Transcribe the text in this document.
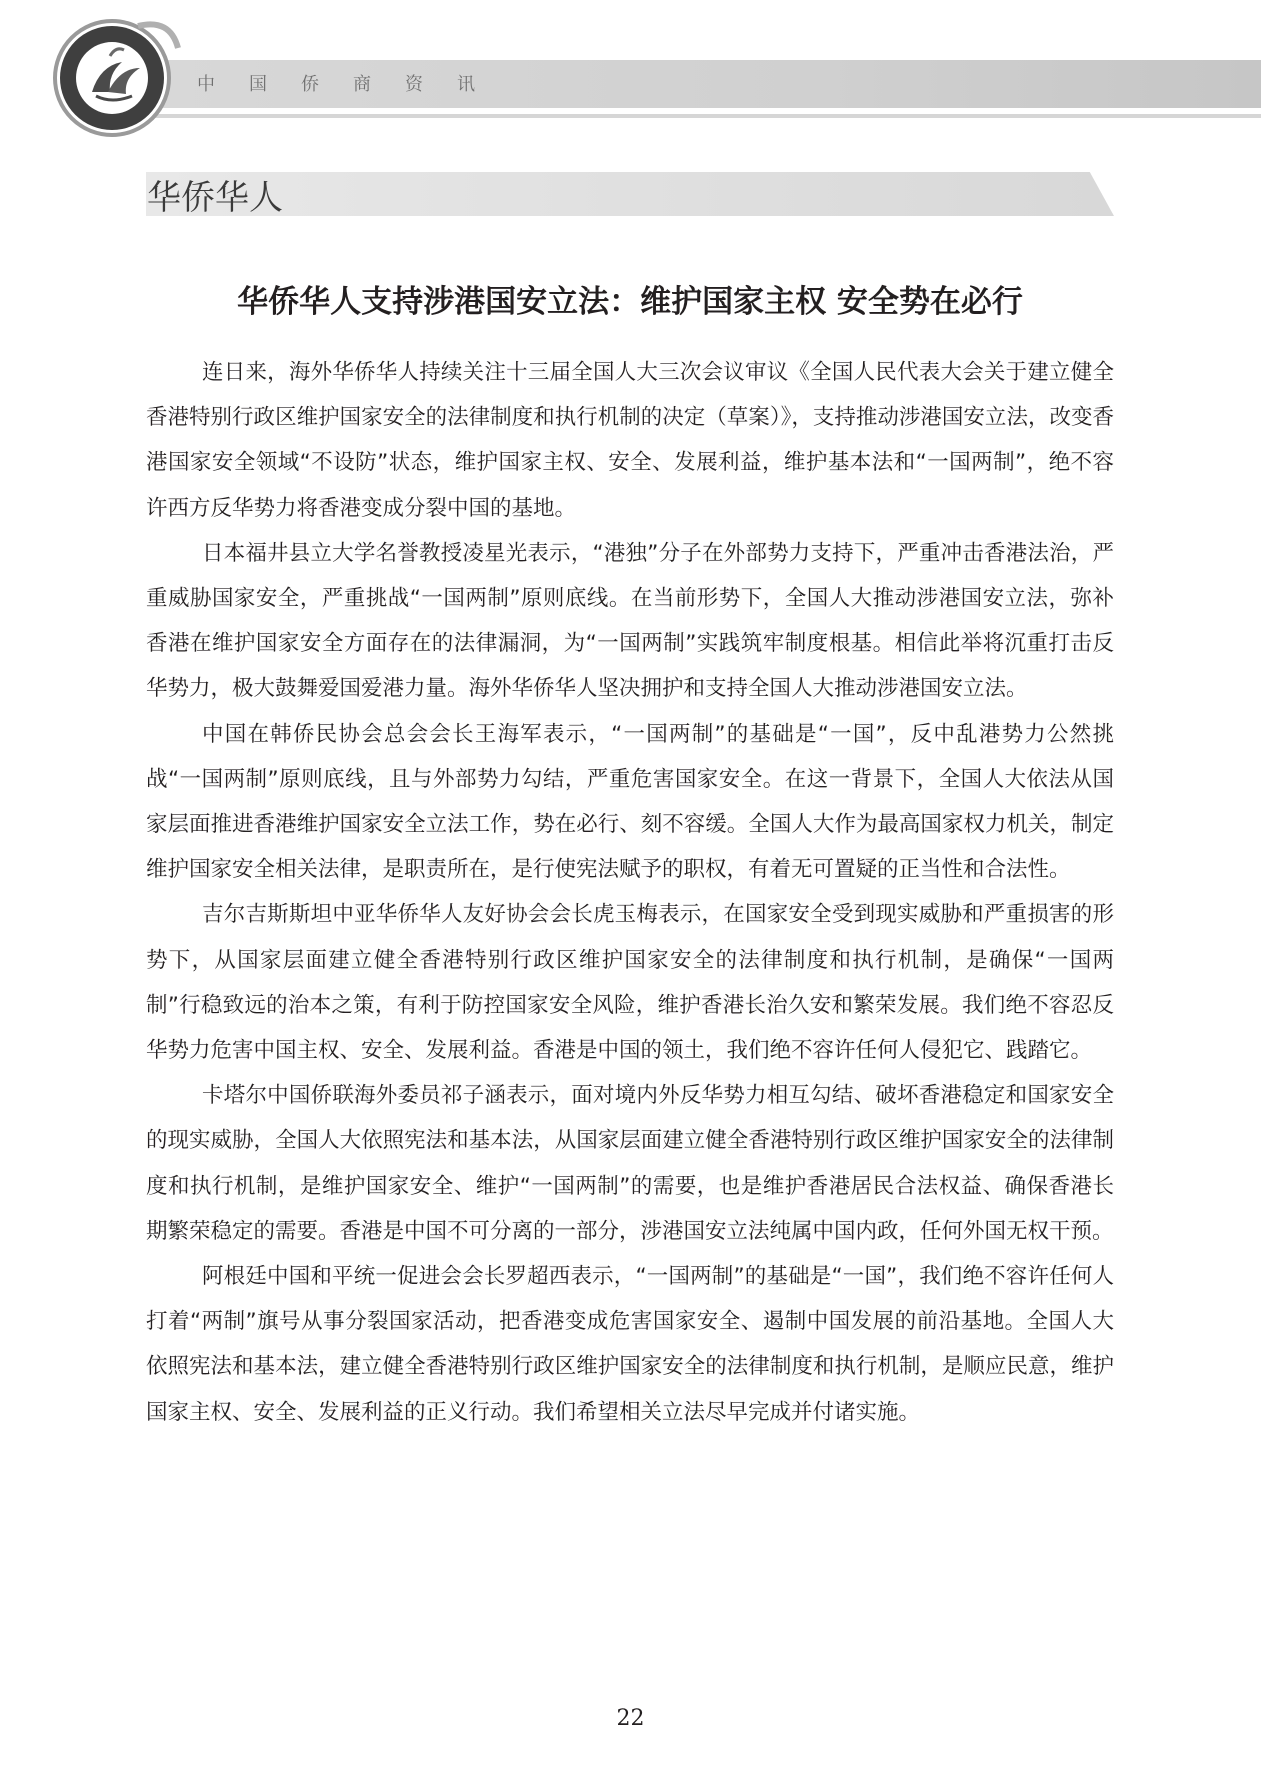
中国侨商资讯
华侨华人
华侨华人支持涉港国安立法：维护国家主权 安全势在必行

连日来，海外华侨华人持续关注十三届全国人大三次会议审议《全国人民代表大会关于建立健全香港特别行政区维护国家安全的法律制度和执行机制的决定（草案）》，支持推动涉港国安立法，改变香港国家安全领域“不设防”状态，维护国家主权、安全、发展利益，维护基本法和“一国两制”，绝不容许西方反华势力将香港变成分裂中国的基地。

日本福井县立大学名誉教授凌星光表示，“港独”分子在外部势力支持下，严重冲击香港法治，严重威胁国家安全，严重挑战“一国两制”原则底线。在当前形势下，全国人大推动涉港国安立法，弥补香港在维护国家安全方面存在的法律漏洞，为“一国两制”实践筑牢制度根基。相信此举将沉重打击反华势力，极大鼓舞爱国爱港力量。海外华侨华人坚决拥护和支持全国人大推动涉港国安立法。

中国在韩侨民协会总会会长王海军表示，“一国两制”的基础是“一国”，反中乱港势力公然挑战“一国两制”原则底线，且与外部势力勾结，严重危害国家安全。在这一背景下，全国人大依法从国家层面推进香港维护国家安全立法工作，势在必行、刻不容缓。全国人大作为最高国家权力机关，制定维护国家安全相关法律，是职责所在，是行使宪法赋予的职权，有着无可置疑的正当性和合法性。

吉尔吉斯斯坦中亚华侨华人友好协会会长虎玉梅表示，在国家安全受到现实威胁和严重损害的形势下，从国家层面建立健全香港特别行政区维护国家安全的法律制度和执行机制，是确保“一国两制”行稳致远的治本之策，有利于防控国家安全风险，维护香港长治久安和繁荣发展。我们绝不容忍反华势力危害中国主权、安全、发展利益。香港是中国的领土，我们绝不容许任何人侵犯它、践踏它。

卡塔尔中国侨联海外委员祁子涵表示，面对境内外反华势力相互勾结、破坏香港稳定和国家安全的现实威胁，全国人大依照宪法和基本法，从国家层面建立健全香港特别行政区维护国家安全的法律制度和执行机制，是维护国家安全、维护“一国两制”的需要，也是维护香港居民合法权益、确保香港长期繁荣稳定的需要。香港是中国不可分离的一部分，涉港国安立法纯属中国内政，任何外国无权干预。

阿根廷中国和平统一促进会会长罗超西表示，“一国两制”的基础是“一国”，我们绝不容许任何人打着“两制”旗号从事分裂国家活动，把香港变成危害国家安全、遏制中国发展的前沿基地。全国人大依照宪法和基本法，建立健全香港特别行政区维护国家安全的法律制度和执行机制，是顺应民意，维护国家主权、安全、发展利益的正义行动。我们希望相关立法尽早完成并付诸实施。

22
